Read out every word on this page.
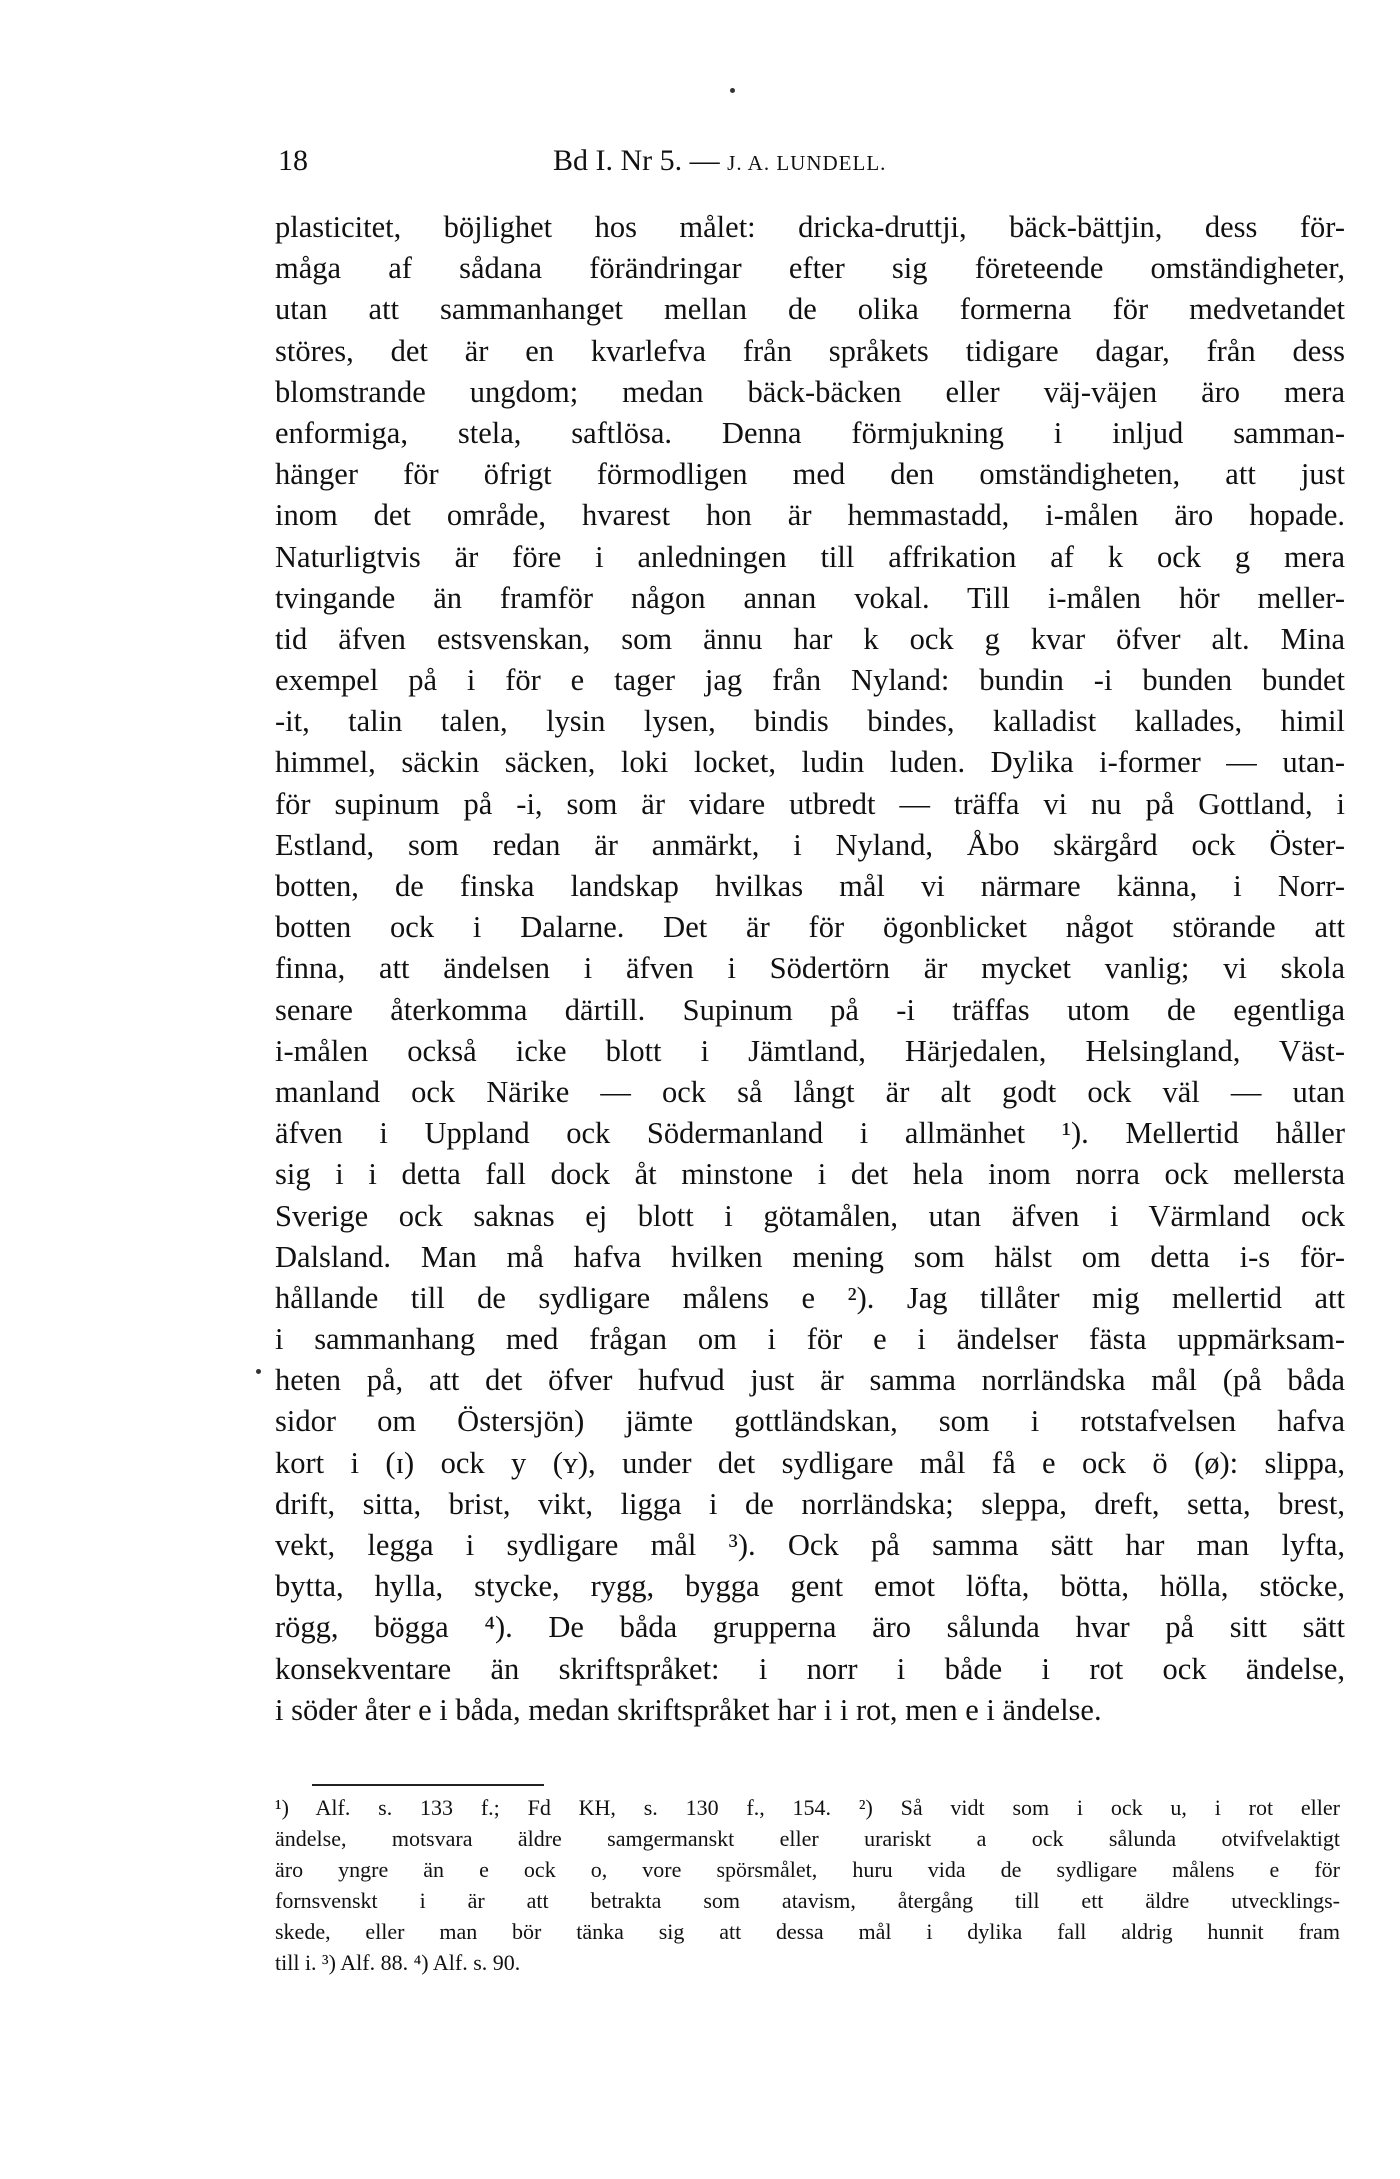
18	Bd I. Nr 5. — J. A. LUNDELL.
plasticitet, böjlighet hos målet: dricka-druttji, bäck-bättjin, dess för-
måga af sådana förändringar efter sig företeende omständigheter,
utan att sammanhanget mellan de olika formerna för medvetandet
störes, det är en kvarlefva från språkets tidigare dagar, från dess
blomstrande ungdom; medan bäck-bäcken eller väj-väjen äro mera
enformiga, stela, saftlösa. Denna förmjukning i inljud samman-
hänger för öfrigt förmodligen med den omständigheten, att just
inom det område, hvarest hon är hemmastadd, i-målen äro hopade.
Naturligtvis är före i anledningen till affrikation af k ock g mera
tvingande än framför någon annan vokal. Till i-målen hör meller-
tid äfven estsvenskan, som ännu har k ock g kvar öfver alt. Mina
exempel på i för e tager jag från Nyland: bundin -i bunden bundet
-it, talin talen, lysin lysen, bindis bindes, kalladist kallades, himil
himmel, säckin säcken, loki locket, ludin luden. Dylika i-former — utan-
för supinum på -i, som är vidare utbredt — träffa vi nu på Gottland, i
Estland, som redan är anmärkt, i Nyland, Åbo skärgård ock Öster-
botten, de finska landskap hvilkas mål vi närmare känna, i Norr-
botten ock i Dalarne. Det är för ögonblicket något störande att
finna, att ändelsen i äfven i Södertörn är mycket vanlig; vi skola
senare återkomma därtill. Supinum på -i träffas utom de egentliga
i-målen också icke blott i Jämtland, Härjedalen, Helsingland, Väst-
manland ock Närike — ock så långt är alt godt ock väl — utan
äfven i Uppland ock Södermanland i allmänhet ¹). Mellertid håller
sig i i detta fall dock åt minstone i det hela inom norra ock mellersta
Sverige ock saknas ej blott i götamålen, utan äfven i Värmland ock
Dalsland. Man må hafva hvilken mening som hälst om detta i-s för-
hållande till de sydligare målens e ²). Jag tillåter mig mellertid att
i sammanhang med frågan om i för e i ändelser fästa uppmärksam-
heten på, att det öfver hufvud just är samma norrländska mål (på båda
sidor om Östersjön) jämte gottländskan, som i rotstafvelsen hafva
kort i (ɪ) ock y (ʏ), under det sydligare mål få e ock ö (ø): slippa,
drift, sitta, brist, vikt, ligga i de norrländska; sleppa, dreft, setta, brest,
vekt, legga i sydligare mål ³). Ock på samma sätt har man lyfta,
bytta, hylla, stycke, rygg, bygga gent emot löfta, bötta, hölla, stöcke,
rögg, bögga ⁴). De båda grupperna äro sålunda hvar på sitt sätt
konsekventare än skriftspråket: i norr i både i rot ock ändelse,
i söder åter e i båda, medan skriftspråket har i i rot, men e i ändelse.
¹) Alf. s. 133 f.; Fd KH, s. 130 f., 154. ²) Så vidt som i ock u, i rot eller
ändelse, motsvara äldre samgermanskt eller urariskt a ock sålunda otvifvelaktigt
äro yngre än e ock o, vore spörsmålet, huru vida de sydligare målens e för
fornsvenskt i är att betrakta som atavism, återgång till ett äldre utvecklings-
skede, eller man bör tänka sig att dessa mål i dylika fall aldrig hunnit fram
till i. ³) Alf. 88. ⁴) Alf. s. 90.
